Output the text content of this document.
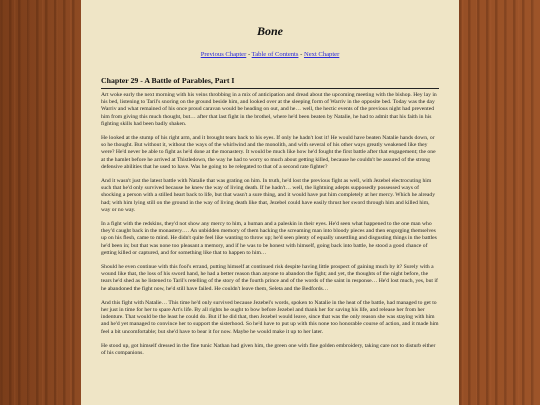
Bone
Previous Chapter - Table of Contents - Next Chapter
Chapter 29 - A Battle of Parables, Part I

Art woke early the next morning with his veins throbbing in a mix of anticipation and dread about the upcoming meeting with the bishop. Hey lay in his bed, listening to Taril's snoring on the ground beside him, and looked over at the sleeping form of Warriv in the opposite bed. Today was the day Warriv and what remained of his once proud caravan would be heading on out, and he… well, the hectic events of the previous night had prevented him from giving this much thought, but… after that last fight in the brothel, where he'd been beaten by Natalie, he had to admit that his faith in his fighting skills had been badly shaken.

He looked at the stump of his right arm, and it brought tears back to his eyes. If only he hadn't lost it! He would have beaten Natalie hands down, or so he thought. But without it, without the ways of the whirlwind and the monolith, and with several of his other ways greatly weakened like they were? He'd never be able to fight as he'd done at the monastery. It would be much like how he'd fought the first battle after that engagement; the one at the hamlet before he arrived at Thistledown, the way he had to worry so much about getting killed, because he couldn't be assured of the strong defensive abilities that he used to have. Was he going to be relegated to that of a second rate fighter?

And it wasn't just the latest battle with Natalie that was grating on him. In truth, he'd lost the previous fight as well, with Jezebel electrocuting him such that he'd only survived because he knew the way of living death. If he hadn't… well, the lightning adepts supposedly possessed ways of shocking a person with a stilled heart back to life, but that wasn't a sure thing, and it would have put him completely at her mercy. Which he already had; with him lying still on the ground in the way of living death like that, Jezebel could have easily thrust her sword through him and killed him, way or no way.

In a fight with the redskins, they'd not show any mercy to him, a human and a paleskin in their eyes. He'd seen what happened to the one man who they'd caught back in the monastery…. An unbidden memory of them hacking the screaming man into bloody pieces and then engorging themselves up on his flesh, came to mind. He didn't quite feel like wanting to throw up; he'd seen plenty of equally unsettling and disgusting things in the battles he'd been in; but that was none too pleasant a memory, and if he was to be honest with himself, going back into battle, he stood a good chance of getting killed or captured, and for something like that to happen to him…

Should he even continue with this fool's errand, putting himself at continued risk despite having little prospect of gaining much by it? Surely with a wound like that, the loss of his sword hand, he had a better reason than anyone to abandon the fight; and yet, the thoughts of the night before, the tears he'd shed as he listened to Taril's retelling of the story of the fourth prince and of the words of the saint in response… He'd lost much, yes, but if he abandoned the fight now, he'd still have failed. He couldn't leave them, Seleta and the Bedfords…

And this fight with Natalie… This time he'd only survived because Jezebel's words, spoken to Natalie in the heat of the battle, had managed to get to her just in time for her to spare Art's life. By all rights he ought to bow before Jezebel and thank her for saving his life, and release her from her indenture. That would be the least he could do. But if he did that, then Jezebel would leave, since that was the only reason she was staying with him and he'd yet managed to convince her to support the sisterhood. So he'd have to put up with this none too honorable course of action, and it made him feel a bit uncomfortable; but she'd have to bear it for now. Maybe he would make it up to her later.

He stood up, got himself dressed in the fine tunic Nathan had given him, the green one with fine golden embroidery, taking care not to disturb either of his companions.
